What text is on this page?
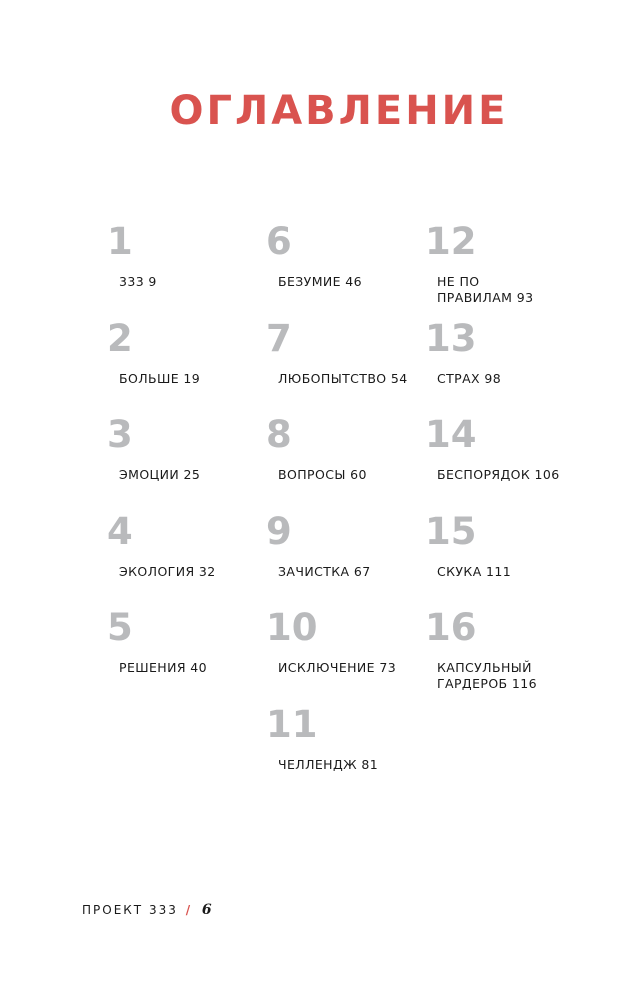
ОГЛАВЛЕНИЕ
1
333 9
2
БОЛЬШЕ 19
3
ЭМОЦИИ 25
4
ЭКОЛОГИЯ 32
5
РЕШЕНИЯ 40
6
БЕЗУМИЕ 46
7
ЛЮБОПЫТСТВО 54
8
ВОПРОСЫ 60
9
ЗАЧИСТКА 67
10
ИСКЛЮЧЕНИЕ 73
11
ЧЕЛЛЕНДЖ 81
12
НЕ ПО
ПРАВИЛАМ 93
13
СТРАХ 98
14
БЕСПОРЯДОК 106
15
СКУКА 111
16
КАПСУЛЬНЫЙ
ГАРДЕРОБ 116
ПРОЕКТ 333 / 6
